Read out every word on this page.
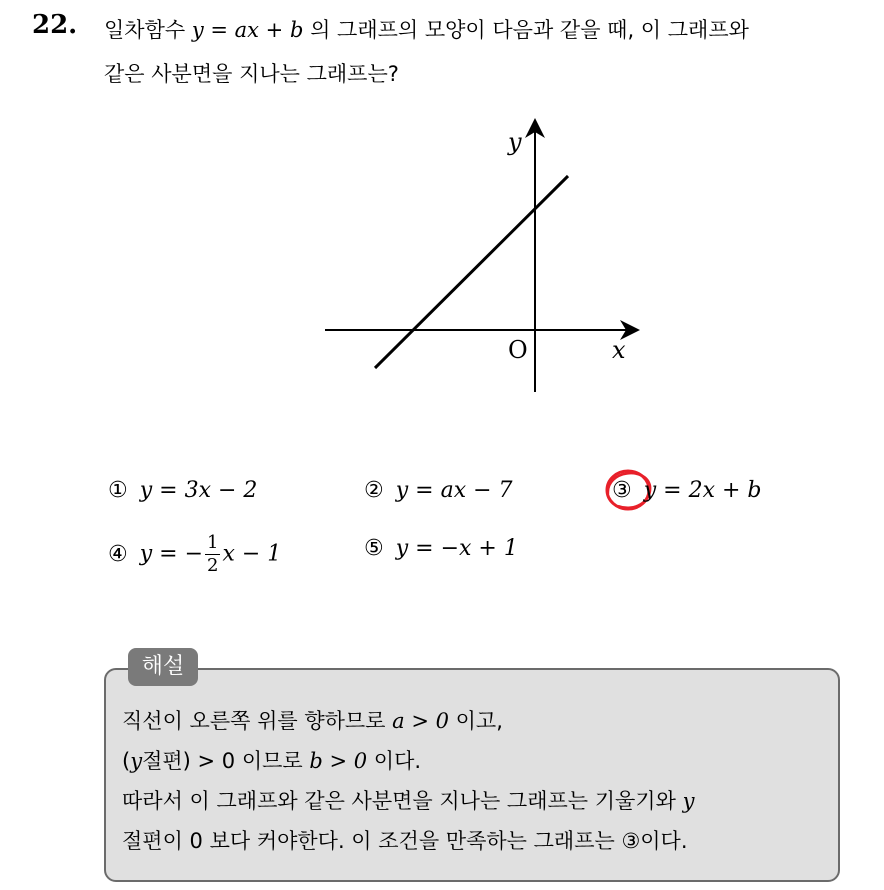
22. 일차함수 y = ax + b 의 그래프의 모양이 다음과 같을 때, 이 그래프와
같은 사분면을 지나는 그래프는?
y
x
O
① y = 3x − 2	② y = ax − 7	③ y = 2x + b
④ y = − $\frac{1}{2}$ x − 1	⑤ y = −x + 1
해설
직선이 오른쪽 위를 향하므로 a > 0 이고,
(y절편) > 0 이므로 b > 0 이다.
따라서 이 그래프와 같은 사분면을 지나는 그래프는 기울기와 y
절편이 0 보다 커야한다. 이 조건을 만족하는 그래프는 ③이다.
